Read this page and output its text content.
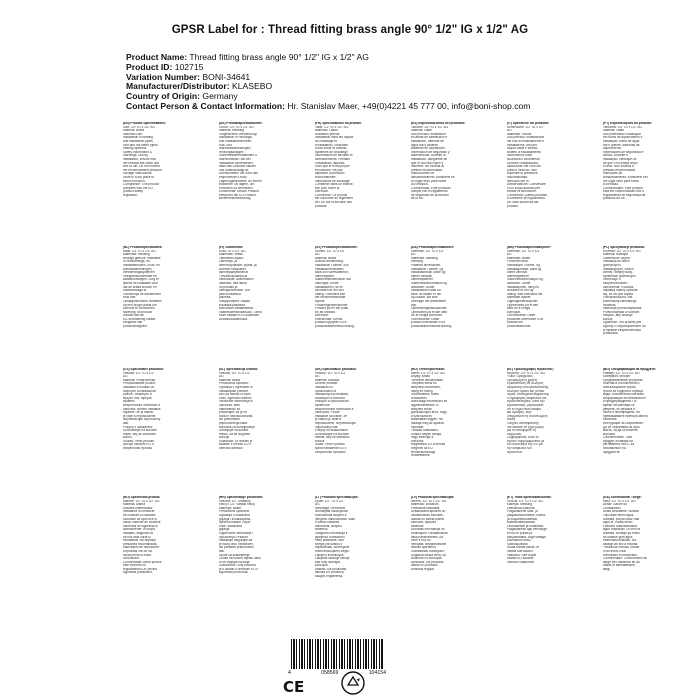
GPSR Label for : Thread fitting brass angle 90° 1/2" IG x 1/2" AG
Product Name: Thread fitting brass angle 90° 1/2" IG x 1/2" AG
Product ID: 102715
Variation Number: BONI-34641
Manufacturer/Distributor: KLASEBO
Country of Origin: Germany
Contact Person & Contact Information: Hr. Stanislav Maer, +49(0)4221 45 777 00, info@boni-shop.com
(EN) Product Specifications:
Size: 1/2" IG x 1/2" AG
Material: Brass
Intended Use:
Installation in heating
and installation pipes,
cold and hot water pipes,
heating systems
Safety Information &
Warnings: During
installation, ensure that
the threads are clean and
free of dirt. Do not exceed
the recommended pressure.
Storage Instructions:
Store in a dry place to
avoid corrosion.
Compliance: This product
complies with the EU
product safety
regulation.
(DE) Produktspezifikationen:
Größe: 1/2" IG x 1/2" AG
Material: Messing
Vorgesehene Verwendung:
Installation in Heizungs-
und Installationsrohren,
Kalt- und
Warmwasserleitungen,
Heizungsanlagen
Sicherheitsinformationen &
Warnhinweise: Bei der
Installation sicherstellen,
dass das Gewinde sauber
und unbeschädigt ist.
Überschreiten Sie nicht den
empfohlenen Druck.
Lagerungshinweise: An einem
trockenen Ort lagern, um
Korrosion zu vermeiden.
Konformität: Dieses Produkt
entspricht der EU-Produkt-
sicherheitsverordnung.
(FR) Spécifications du produit:
Taille: 1/2" IG x 1/2" AG
Matériau: Laiton
Utilisation prévue:
Installation dans les tuyaux
de chauffage et
d'installation, conduites
d'eau froide et chaude,
systèmes de chauffage
Informations de sécurité et
avertissements: Pendant
l'installation, assurez-
vous que le fil est propre
et indemne. Ne pas
dépasser la pression
recommandée.
Instructions de stockage:
Conserver dans un endroit
sec pour éviter la
corrosion.
Conformité: Ce produit
est conforme au règlement
de l'UE sur la sécurité des
produits.
(ES) Especificaciones del producto:
Tamaño: 1/2" IG x 1/2" AG
Material: Latón
Uso previsto: Instalación
en areas de calefacción e
instalación, tuberías de
agua fría y caliente,
sistemas de calefacción
Información de seguridad y
advertencias: Durante la
instalación, asegúrese de
que el hilo sea limpio y
indemne. No exceda la
presión recomendada.
Instrucciones de
almacenamiento: Almacene en
un lugar seco para evitar
la corrosión.
Conformidad: Este producto
cumple con el reglamento
de seguridad de productos
de la UE.
(IT) Specifiche del prodotto:
Dimensione: 1/2" IG x 1/2"
AG
Materiale: Ottone
Uso previsto: Installazione
nei tubi di riscaldamento e
installazione, tubi per
acqua calda e fredda,
sistemi di riscaldamento
Informazioni sulla
sicurezza e avvertenze:
Durante l'installazione,
assicurarsi che il filo sia
pulito e innocuo. Non
superare la pressione
raccomandata.
Istruzioni per la
conservazione: Conservare
in un luogo asciutto per
evitare la corrosione.
Conformità: Questo prodotto
è conforme al regolamento
UE sulla sicurezza dei
prodotti.
(PT) Especificações do produto:
Tamanho: 1/2" IG x 1/2" AG
Material: Latão
Uso pretendido: Instalação
em tubos de aquecimento e
instalação, tubos de água
fria e quente, sistemas de
aquecimento
Informações de segurança e
avisos: Durante a
instalação, certifique-se
de que o fio esteja limpo
e ileso. Não exceda a
pressão recomendada.
Instruções de
armazenamento: Armazene em
um lugar seco para evitar
a corrosão.
Conformidade: Este produto
está em conformidade com o
regulamento de segurança de
produtos da UE.
(NL) Productspecificaties:
Maat: 1/2" IG x 1/2" AG
Materiaal: Messing
Beoogd gebruik: Installatie
in verwarmings- en
installatiebuizen, koud- en
warmwaterleidingen,
verwarmingssystemen
Veiligheidsinformatie en
waarschuwingen: Zorg er
tijdens de installatie voor
dat de draad schoon en
onbeschadigd is.
Overschrijd de aanbevolen
druk niet.
Opslaginstructies: Bewaren
op een droge plaats om
corrosie te voorkomen.
Naleving: dit product
voldoet aan de
EU-verordening inzake
veiligheid van
productveiligheid
(FI) Tuotetiedot:
Koko: IG x 1/2" AG
Materiaali: Brass
Tarkoitettu käyttö:
Lämmitys- ja
asennusputkiset, kylmä- ja
kuuman vesiputket,
lämmitysjärjestelmät
Turvallisuustiedot ja
varoitukset: Asennuksen
varmista, että lanka
on puhdas ja
vahingoittumaton. Älä
ylitä suositeltua
painetta.
Säilytysohjeet: Säilytä
kuivassa paikassa
korroosion välttämiseksi.
Vaatimustenmukaisuus: Tämä
tuote vastaa EU:n tuotteiden
turvallisuusasetusta.
(SV) Produktspecifikationer:
Storlek: 1/2" IG x 1/2"
AG
Material: Brass
Avsedd användning:
Installation i värme- och
installationsrörläden,
kalla och varmvattenrör,
värmesystem
Säkerhetsinformation och
varningar: Under
installationen, se till
att tråden är ren och
ofarlig. Överskrid inte
det rekommenderade
trycket.
Förvaringsinstruktioner:
Förvara på en torr plats
för att undvika
korrosion.
Efterlevnad: Denna
produkt uppfyller EU:s
produktsäkerhetsförordning.
(DA) Produktspecifikationer:
Størrelse: 1/2" IG x 1/2"
AG
Materiale: Messing
messing
Påtænkt anvendelse:
Installation i varme- og
installationsrør, kolde og
varme vandrør,
varmesystemer
Sikkerhedsinformation og
advarsler: Under
installationen skal du
sikre, at tråden er ren
og uskadt. Må ikke
overstige det anbefalede
tryk.
Opbevaringsinstruktioner:
Opbevares på et tørt sted
for at undgå korrosion.
Overholdelse: Dette
produkt overholder EU's
produktsikkerhedsforordning.
(NB) Produktspesifikasjoner:
Størrelse: 1/2" IG x 1/2"
AG
Materiale: Brass
Forventet bruk:
Installasjon i varme- og
installasjonsrør, kaldt og
varmt vannrør,
varmesystemer
Sikkerhetsinformasjon og
advarsler: Under
installasjonen, sørg for
at tråden er ren og
ufarlig. Ikke overskrid det
anbefalte trykket.
Lagringsinstruksjoner:
Oppbevares på et tørt
sted for å unngå
korrosjon.
Overholdelse: Dette
produktet overholder EUs
forskrift om
produktsikkerhet.
(PL) Specyfikacje produktu:
Rozmiar: 1/2" IG x 1/2" AG
Materiał: Mosiądz
Zamierzone użycie:
Instalacja w rurach
grzewczych i
instalacyjnych, rurach
zimnej i ciepłej wody,
systemach grzewczych
Informacje o
bezpieczeństwie i
ostrzeżenia: Podczas
instalacji należy upewnić
się, że nić jest czysta
i nieuszkodzona. Nie
przekraczaj zalecanego
ciśnienia.
Instrukcje przechowywania:
Przechowywać w suchym
miejscu, aby uniknąć
korozji.
Zgodność: Ten produkt jest
zgodny z rozporządzeniem UE
w sprawie bezpieczeństwa
produktów.
(CS) Specifikace produktu:
Velikost: 1/2" IG x 1/2"
AG
Materiál: Podpronenka
Předpokládané použití:
Instalace a montáž do
otopných a instalačních
potrubí, chladných a
teplých vod, topných
systémů
Bezpečnostní informace a
varování: Během instalace
zajistěte, že je vlákno
je čisté a nepoškozené.
Nepřekračujte doporučený
tlak.
Pokyny k uskladnění:
Uchovávejte na suchém
místě, aby se zabránilo
korozi.
Soulad: Tento produkt
splňuje nařízení EU o
bezpečnosti výrobků.
(SL) Specifikacije izdelka:
Velikost: 1/2" IG x 1/2"
AG
Material: Brass
Predvidena uporaba:
Vgradnja v ogrevalne in
instalacijske predore,
cevi za hladno in toplo
vodo, ogrevalni sistemi
Varnostne informacije in
opozorila: Med
namestitvijo se
prepričajte, da je nit
čista in nepoškodovana.
Ne prekoračite
priporočenega tlaka.
Navodila za shranjevanje:
Shranjujte na suhem
mestu, da se izognete
koroziji.
Skladnost: Ta izdelek je
skladen z uredbo EU o
varnosti izdelkov.
(SK) Špecifikácie produktu:
Veľkosť: 1/2" IG x 1/2"
AG
Materiál: Mosadz
Určené použitie:
Inštalácia vo
vykurovacích a
inštalačných potrubiach,
chladných a horúcich
vodných a vykurovacích
systémoch
Bezpečnostné informácie a
varovania: Počas
inštalácie sa uistite, že
je vlákno je čisté a
nepoškodené. Neprekračujte
odporúčaný tlak.
Pokyny na skladovanie:
Uchovávajte na suchom
mieste, aby sa zabránilo
korózii.
Súlad: Tento výrobok
spĺňa nariadenie EÚ o
bezpečnosti výrobkov.
(HU) Termékjellemzők:
Méret: 1/2" IG x 1/2" AG
Anyag: Brass
Tervezett felhasználás:
Telepítés fűtési és
telepítési csövekben,
hideg és meleg
vízvezetékek, fűtési
rendszerek
Biztonsági információk és
figyelmeztetések: A
telepítés során
gondoskodjon arról, hogy
a szál tiszta és
ártalmatlan legyen. Ne
haladja meg az ajánlott
nyomást.
Tárolási utasítások:
Száraz helyen tárolja,
hogy elkerülje a
korróziót.
Megfelelés: Ez a termék
megfelel az EU
termékbiztonsági
rendeletének.
(EL) Προδιαγραφές προϊόντος:
Μέγεθος: 1/2" IG x 1/2" AG
Υλικό: Ορείχαλκος
Προοριζόμενη χρήση:
Εγκατάσταση σε σωλήνες
θέρμανσης και εγκατάστασης,
σωλήνες κρύου και ζεστού
νερού, συστήματα θέρμανσης
Πληροφορίες ασφαλείας και
προειδοποιήσεις: Κατά την
εγκατάσταση, βεβαιωθείτε
ότι το νήμα είναι καθαρό
και αβλαβές. Μην
υπερβαίνετε τη συνιστώμενη
πίεση.
Οδηγίες αποθήκευσης:
Φυλάσσετε σε ξηρό μέρος
για να αποφύγετε τη
διάβρωση.
Συμμόρφωση: Αυτό το
προϊόν συμμορφώνεται με
τον κανονισμό της ΕΕ για
την ασφάλεια των
προϊόντων.
(BG) Спецификации на продукта:
Размер: 1/2" IG x 1/2" AG
Материал: Месинг
Предназначение употреба:
Монтаж в отоплителни и
инсталационни тръби,
тръби за студена и гореща
вода, отоплителни системи
Информация за безопасност
и предупреждения: По
време на монтажа се
уверете, че резбата е
чиста и неповредена. Не
превишавайте препоръчаното
налягане.
Инструкции за съхранение:
Да се съхранява на сухо
място, за да се избегне
корозия.
Съответствие: Този
продукт отговаря на
регламента на ЕС за
безопасност на
продуктите.
(RO) Specificații produs:
Mărime: 1/2" IG x 1/2" AG
Material: Alamă
Utilizare intenționată:
Instalarea în conducte
de încălzire și instalare,
conducte de apă rece și
caldă, sisteme de încălzire
Informații de siguranță și
avertismente: În timpul
instalării, asigurați-vă
că firul este curat și
nevătămat. Nu depășiți
presiunea recomandată.
Instrucțiuni de depozitare:
Depozitați într-un loc
uscat pentru a evita
coroziunea.
Conformitate: Acest produs
este conform cu
regulamentul UE privind
siguranța produselor.
(HR) Specifikacije proizvoda:
Veličina: 1/2" unutarnji
navoj x 1/2" vanjski navoj
Materijal: Baker
Predviđena upotreba:
Ugradnja u sustavima
grijanja i instalacijama,
cijevima hladne i tople
vode, sustavima
grijanja
Sigurnosne informacije i
upozorenja: Prilikom
instalacije osigurajte da
je navoj čist i neoštećen.
Ne prelazite preporučeni
tlak.
Upute za skladištenje:
Čuvati na suhom mjestu kako
bi se izbjegla korozija.
Sukladnost: Ovaj proizvod
je u skladu s uredbom EU o
sigurnosti proizvoda.
(LT) Produkto specifikacijos:
Dydis: 1/2 " IG x 1/2 "
AG
Medžiaga: Lemonelis
Numatytas naudojimas:
Montavimas šildymo ir
įrengimo vamzdžiuose, šalto
ir karšto vandens
vamzdžiai, šildymo
sistemos
Saugumo informacija ir
įspėjimai: Montavimo
metu įsitikinkite, kad
sriegis yra švarus ir
nepažeistas. Neviršykite
rekomenduojamo slėgio.
Laikymo instrukcijos:
Laikykite sausoje vietoje,
kad būtų išvengta
korozijos.
Atitiktis: Šis produktas
atitinka ES produktų
saugos reglamentą.
(LV) Produkta specifikācijas:
Izmērs: 1/2" IG x 1/2" AG
Materiāls: Brūdbūrs
Paredzētā lietošana:
Uzstādīšana apkures un
uzstādīšanas caurulēs,
aukstā un karstā ūdens
caurulēs, apkures
sistēmās
Drošības informācija un
brīdinājumi: Uzstādīšanas
laikā pārliecinieties, ka
vītne ir tīra un
nebojāta. Nepārsniedziet
ieteikto spiedienu.
Glabāšanas norādījumi:
Uzglabāt sausā vietā, lai
izvairītos no korozijas.
Atbilstība: Šis produkts
atbilst ES produktu
drošības regulai.
(ET) Toote spetsifikatsioonid:
Suurus: 1/2" IG x 1/2" AG
Materjal: Messing
Ettenähtud kasutus:
Paigaldamine küte- ja
paigaldustorudesse, külma-
ja soojaveetorudesse,
küttesüsteemidesse
Ohutusteave ja hoiatused:
Paigaldamise ajal veenduge,
et niit on puhas ja
kahjustamata. Ärge ületage
soovitatud rõhku.
Säilitusjuhised:
Hoida kuivas kohas, et
vältida korrosiooni.
Vastavus: See toode
vastab ELi toodete
ohutuse määrusele.
(GA) Sonraíochtaí Táirge:
Méid: 1/2 "IG x 1/2" AG
Ábhar: Saoire do
Chustaiméirí
Úsáid Beartaithe: Suiteáil
i bpíobáin téimh agus
suiteála, píopaí uisce fuar
agus te, córais téimh
Faisnéis Sábháilteachta
agus Rabhaidh: Le linn na
suiteála, cinntigh go bhfuil
an snáithe glan agus
neamhdhíobhálach. Ná
sáraigh an brú a mholtar.
Treoracha Stórála: Stóráil
in áit thirim chun
creimeadh a sheachaint.
Comhlíonadh: Comhlíonann an
táirge seo rialachán an AE
maidir le sábháilteacht
táirgí.
4	058569	104154
CE
